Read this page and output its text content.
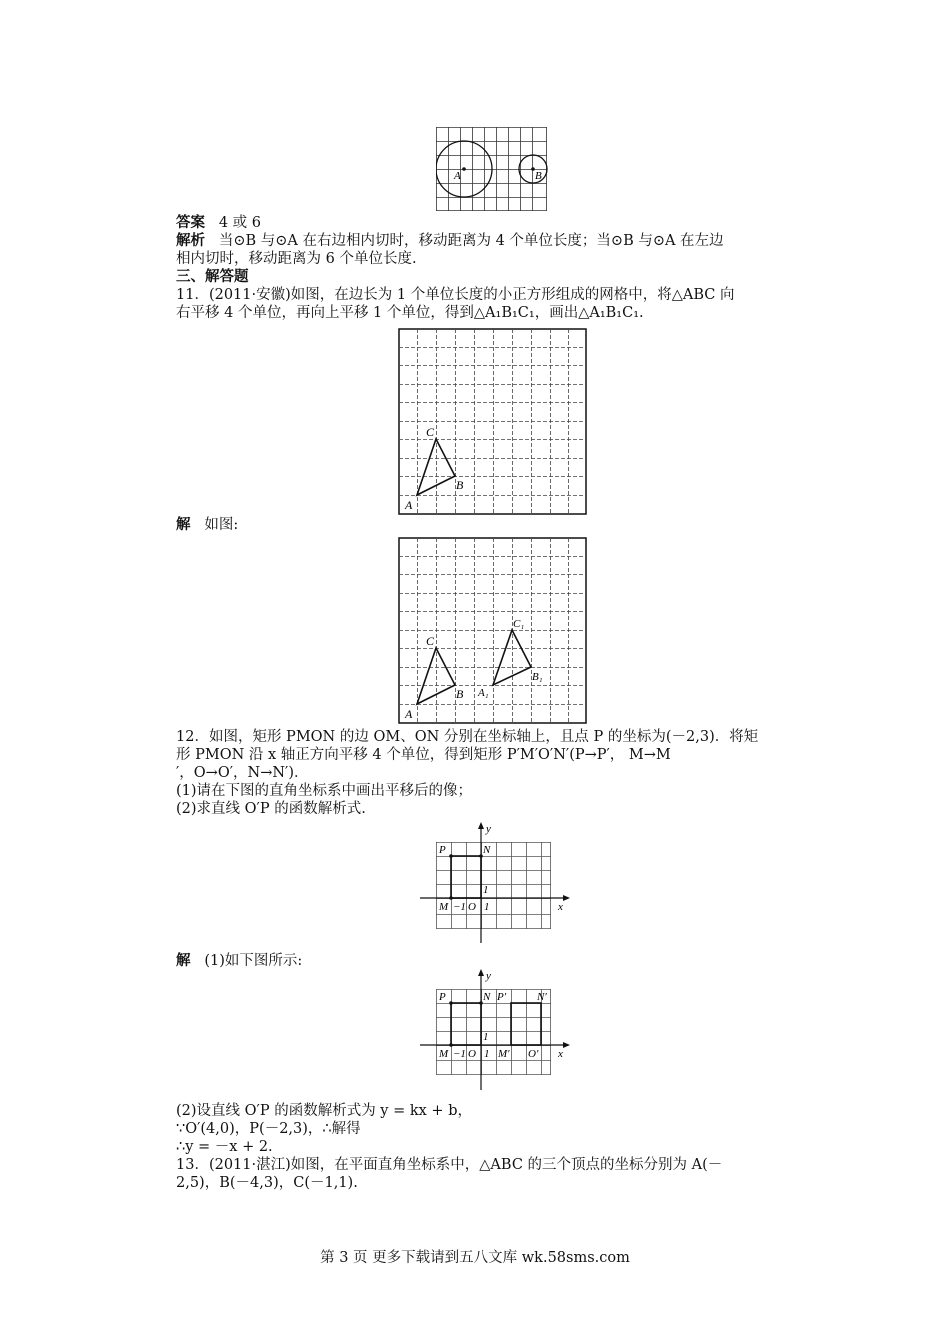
A	B
答案 4 或 6
解析 当⊙B 与⊙A 在右边相内切时，移动距离为 4 个单位长度；当⊙B 与⊙A 在左边
相内切时，移动距离为 6 个单位长度.
三、解答题
11．(2011·安徽)如图，在边长为 1 个单位长度的小正方形组成的网格中，将△ABC 向
右平移 4 个单位，再向上平移 1 个单位，得到△A₁B₁C₁，画出△A₁B₁C₁.
A
C
B
解 如图:
A
C
B A₁
C₁
B₁
12．如图，矩形 PMON 的边 OM、ON 分别在坐标轴上，且点 P 的坐标为(－2,3)．将矩
形 PMON 沿 x 轴正方向平移 4 个单位，得到矩形 P′M′O′N′(P→P′， M→M
′，O→O′，N→N′)．
(1)请在下图的直角坐标系中画出平移后的像；
(2)求直线 O′P 的函数解析式.
y
x
P	N
M −1 O 1
1
解 (1)如下图所示:
y
x
P	N P′	N′
M −1 O 1
1
M′ O′
(2)设直线 O′P 的函数解析式为 y = kx + b，
∵O′(4,0)，P(－2,3)，∴解得
∴y = －x + 2.
13．(2011·湛江)如图，在平面直角坐标系中，△ABC 的三个顶点的坐标分别为 A(－
2,5)，B(－4,3)，C(－1,1).
第 3 页 更多下载请到五八文库 wk.58sms.com
